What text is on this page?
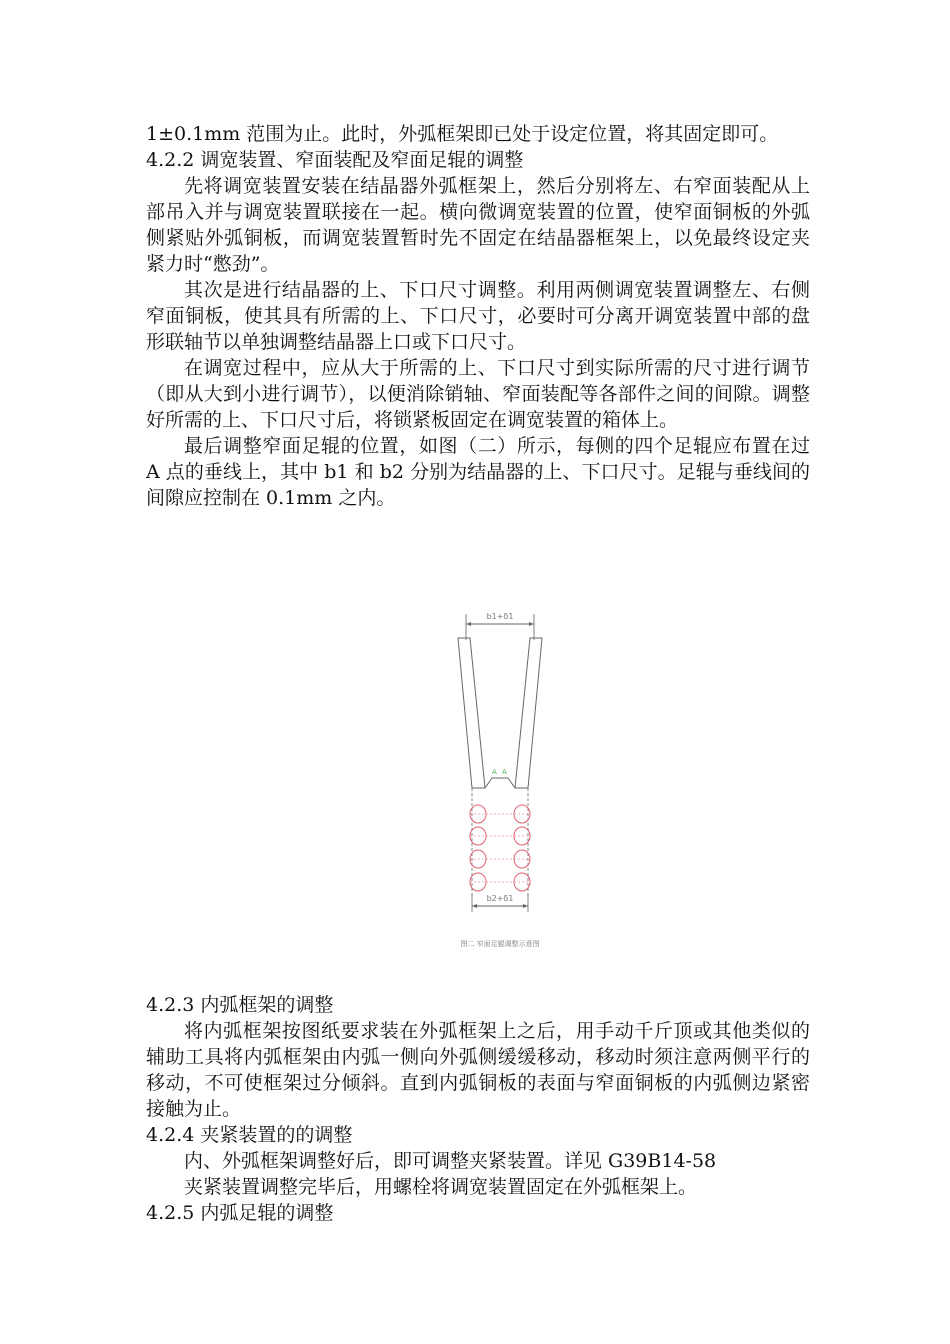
1±0.1mm 范围为止。此时，外弧框架即已处于设定位置，将其固定即可。

4.2.2 调宽装置、窄面装配及窄面足辊的调整

先将调宽装置安装在结晶器外弧框架上，然后分别将左、右窄面装配从上部吊入并与调宽装置联接在一起。横向微调宽装置的位置，使窄面铜板的外弧侧紧贴外弧铜板，而调宽装置暂时先不固定在结晶器框架上，以免最终设定夹紧力时“憋劲”。

其次是进行结晶器的上、下口尺寸调整。利用两侧调宽装置调整左、右侧窄面铜板，使其具有所需的上、下口尺寸，必要时可分离开调宽装置中部的盘形联轴节以单独调整结晶器上口或下口尺寸。

在调宽过程中，应从大于所需的上、下口尺寸到实际所需的尺寸进行调节（即从大到小进行调节），以便消除销轴、窄面装配等各部件之间的间隙。调整好所需的上、下口尺寸后，将锁紧板固定在调宽装置的箱体上。

最后调整窄面足辊的位置，如图（二）所示，每侧的四个足辊应布置在过 A 点的垂线上，其中 b1 和 b2 分别为结晶器的上、下口尺寸。足辊与垂线间的间隙应控制在 0.1mm 之内。

b1+δ1
A A
b2+δ1
图二 窄面足辊调整示意图
4.2.3 内弧框架的调整

将内弧框架按图纸要求装在外弧框架上之后，用手动千斤顶或其他类似的辅助工具将内弧框架由内弧一侧向外弧侧缓缓移动，移动时须注意两侧平行的移动，不可使框架过分倾斜。直到内弧铜板的表面与窄面铜板的内弧侧边紧密接触为止。

4.2.4 夹紧装置的的调整

内、外弧框架调整好后，即可调整夹紧装置。详见 G39B14-58

夹紧装置调整完毕后，用螺栓将调宽装置固定在外弧框架上。

4.2.5 内弧足辊的调整
